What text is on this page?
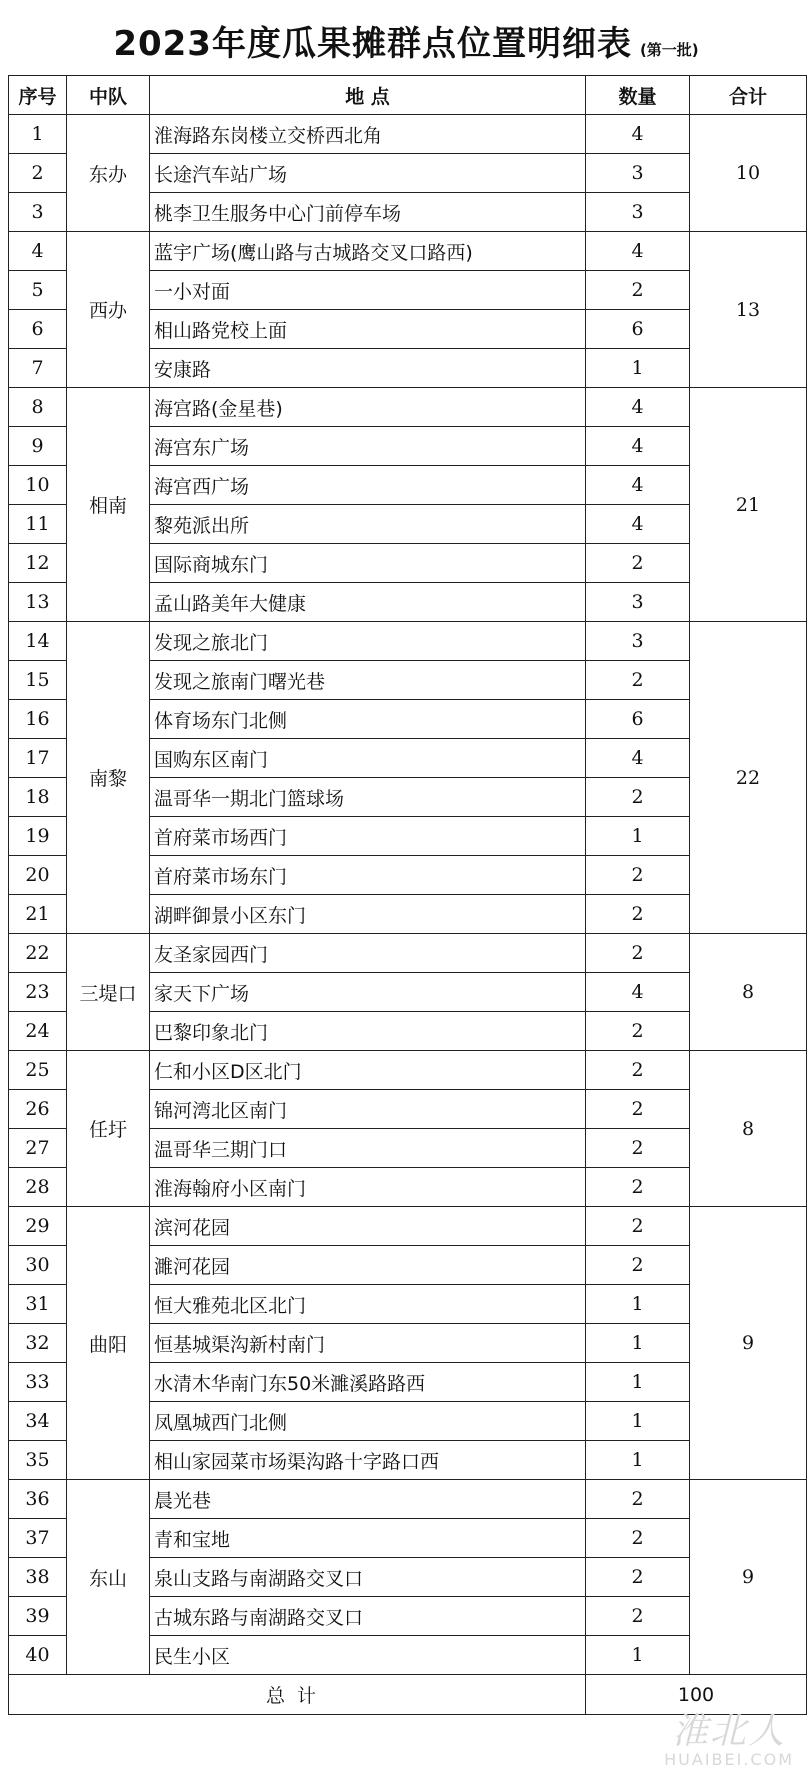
2023年度瓜果摊群点位置明细表 (第一批)
序号	中队	地 点	数量	合计
1	东办	淮海路东岗楼立交桥西北角	4	10
2		长途汽车站广场	3	
3		桃李卫生服务中心门前停车场	3	
4	西办	蓝宇广场(鹰山路与古城路交叉口路西)	4	13
5		一小对面	2	
6		相山路党校上面	6	
7		安康路	1	
8	相南	海宫路(金星巷)	4	21
9		海宫东广场	4	
10		海宫西广场	4	
11		黎苑派出所	4	
12		国际商城东门	2	
13		孟山路美年大健康	3	
14	南黎	发现之旅北门	3	22
15		发现之旅南门曙光巷	2	
16		体育场东门北侧	6	
17		国购东区南门	4	
18		温哥华一期北门篮球场	2	
19		首府菜市场西门	1	
20		首府菜市场东门	2	
21		湖畔御景小区东门	2	
22	三堤口	友圣家园西门	2	8
23		家天下广场	4	
24		巴黎印象北门	2	
25	任圩	仁和小区D区北门	2	8
26		锦河湾北区南门	2	
27		温哥华三期门口	2	
28		淮海翰府小区南门	2	
29	曲阳	滨河花园	2	9
30		濉河花园	2	
31		恒大雅苑北区北门	1	
32		恒基城渠沟新村南门	1	
33		水清木华南门东50米濉溪路路西	1	
34		凤凰城西门北侧	1	
35		相山家园菜市场渠沟路十字路口西	1	
36	东山	晨光巷	2	9
37		青和宝地	2	
38		泉山支路与南湖路交叉口	2	
39		古城东路与南湖路交叉口	2	
40		民生小区	1	
总计			100	
淮北人
HUAIBEI.COM
